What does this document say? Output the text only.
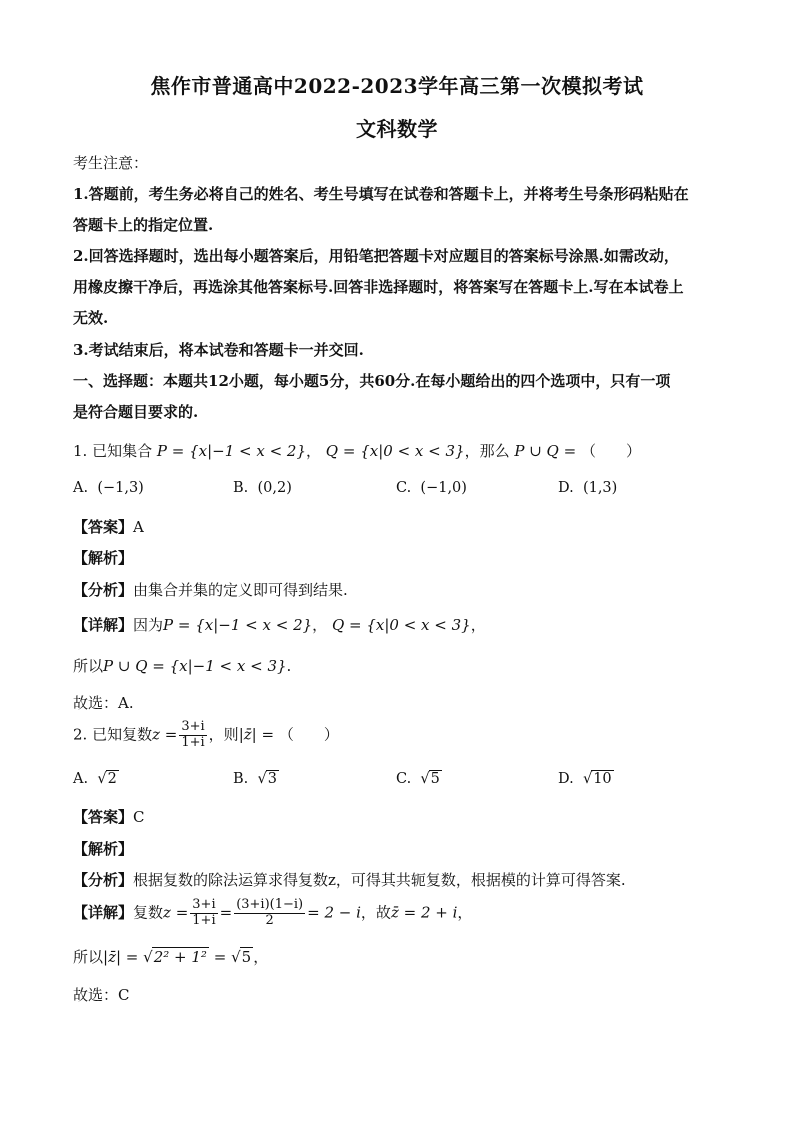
焦作市普通高中2022-2023学年高三第一次模拟考试
文科数学
考生注意：
1.答题前，考生务必将自己的姓名、考生号填写在试卷和答题卡上，并将考生号条形码粘贴在
答题卡上的指定位置.
2.回答选择题时，选出每小题答案后，用铅笔把答题卡对应题目的答案标号涂黑.如需改动，
用橡皮擦干净后，再选涂其他答案标号.回答非选择题时，将答案写在答题卡上.写在本试卷上
无效.
3.考试结束后，将本试卷和答题卡一并交回.
一、选择题：本题共12小题，每小题5分，共60分.在每小题给出的四个选项中，只有一项
是符合题目要求的.
1. 已知集合 P = {x|−1 < x < 2}， Q = {x|0 < x < 3}，那么 P ∪ Q = （　　）
A. (−1,3)	B. (0,2)	C. (−1,0)	D. (1,3)
【答案】A
【解析】
【分析】由集合并集的定义即可得到结果.
【详解】因为P = {x|−1 < x < 2}， Q = {x|0 < x < 3}，
所以P ∪ Q = {x|−1 < x < 3}.
故选：A.
2. 已知复数$z = \frac{3+i}{1+i}$ ，则|z̄| = （　　）
A. √2	B. √3	C. √5	D. √10
【答案】C
【解析】
【分析】根据复数的除法运算求得复数z，可得其共轭复数，根据模的计算可得答案.
【详解】复数$z = \frac{3+i}{1+i} = \frac{(3+i)(1-i)}{2} = 2 - i$，故z̄ = 2 + i，
所以|z̄| = √2² + 1² = √5 ，
故选：C
